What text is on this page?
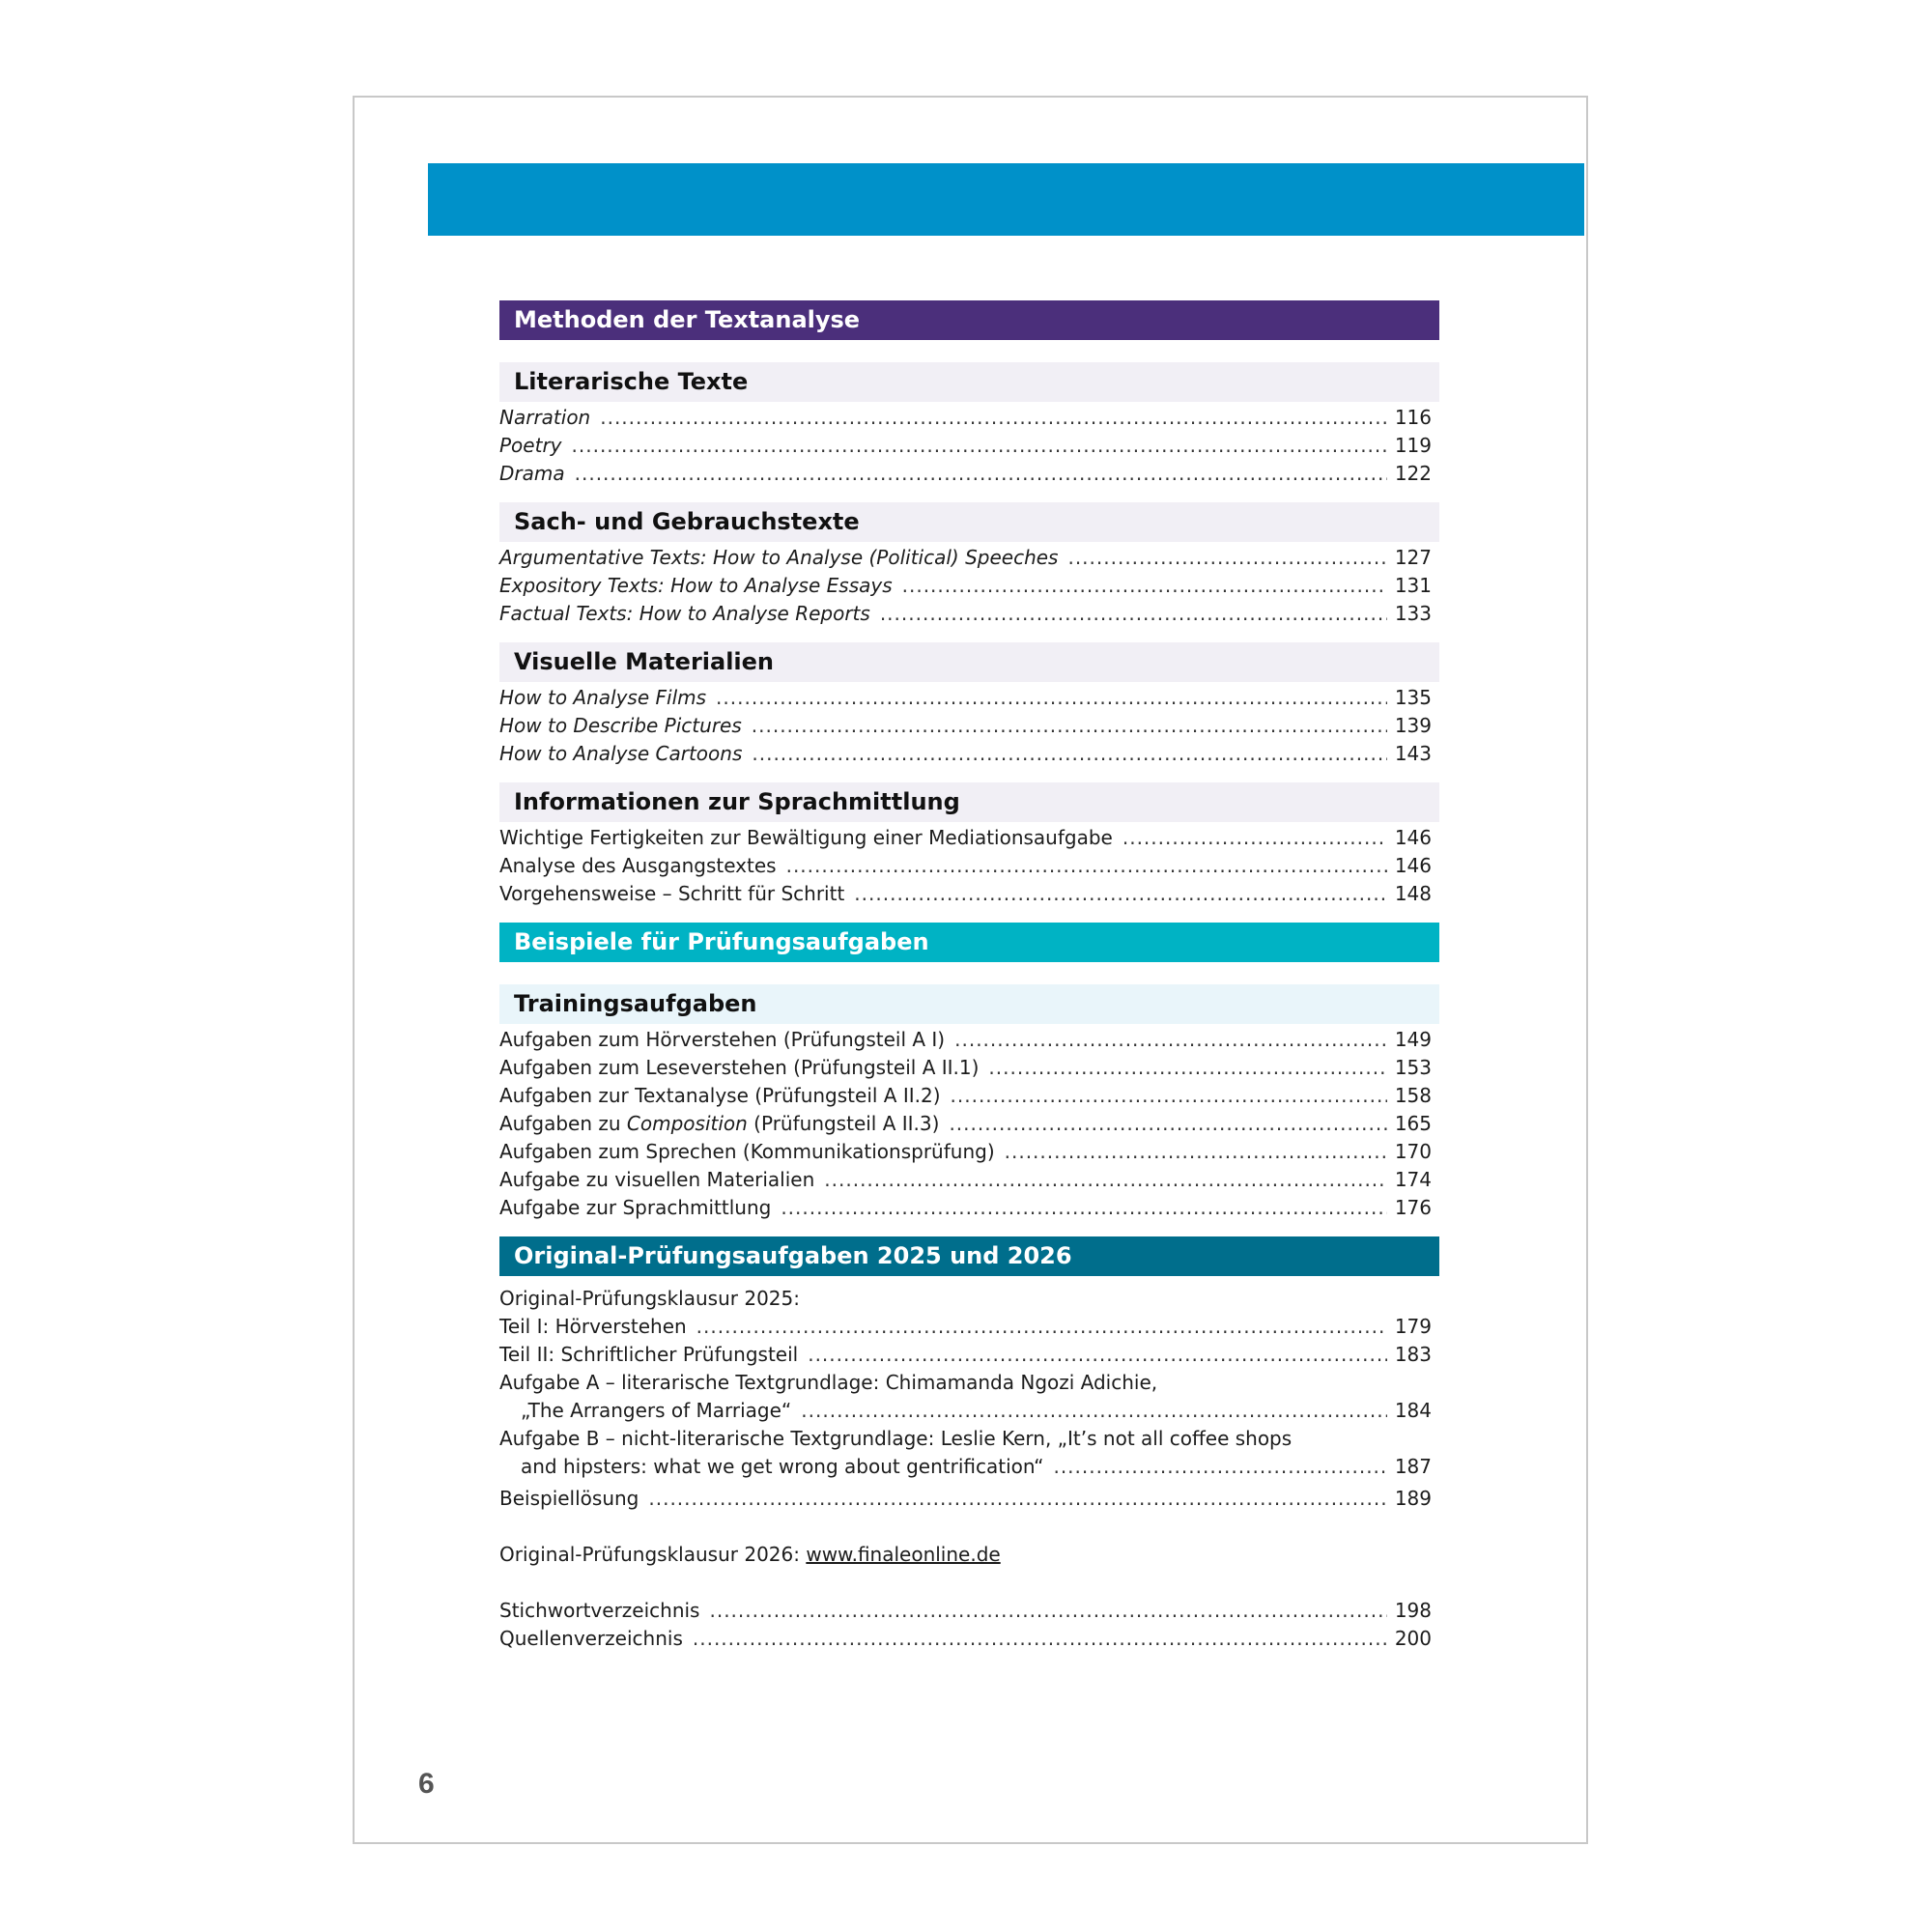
Methoden der Textanalyse
Literarische Texte
Narration .....	116
Poetry .....	119
Drama .....	122
Sach- und Gebrauchstexte
Argumentative Texts: How to Analyse (Political) Speeches .....	127
Expository Texts: How to Analyse Essays .....	131
Factual Texts: How to Analyse Reports .....	133
Visuelle Materialien
How to Analyse Films .....	135
How to Describe Pictures .....	139
How to Analyse Cartoons .....	143
Informationen zur Sprachmittlung
Wichtige Fertigkeiten zur Bewältigung einer Mediationsaufgabe .....	146
Analyse des Ausgangstextes .....	146
Vorgehensweise – Schritt für Schritt .....	148
Beispiele für Prüfungsaufgaben
Trainingsaufgaben
Aufgaben zum Hörverstehen (Prüfungsteil A I) .....	149
Aufgaben zum Leseverstehen (Prüfungsteil A II.1) .....	153
Aufgaben zur Textanalyse (Prüfungsteil A II.2) .....	158
Aufgaben zu Composition (Prüfungsteil A II.3) .....	165
Aufgaben zum Sprechen (Kommunikationsprüfung) .....	170
Aufgabe zu visuellen Materialien .....	174
Aufgabe zur Sprachmittlung .....	176
Original-Prüfungsaufgaben 2025 und 2026
Original-Prüfungsklausur 2025:
Teil I: Hörverstehen .....	179
Teil II: Schriftlicher Prüfungsteil .....	183
Aufgabe A – literarische Textgrundlage: Chimamanda Ngozi Adichie,
„The Arrangers of Marriage“ .....	184
Aufgabe B – nicht-literarische Textgrundlage: Leslie Kern, „It’s not all coffee shops
and hipsters: what we get wrong about gentrification“ .....	187
Beispiellösung .....	189
Original-Prüfungsklausur 2026: www.finaleonline.de
Stichwortverzeichnis .....	198
Quellenverzeichnis .....	200
6
